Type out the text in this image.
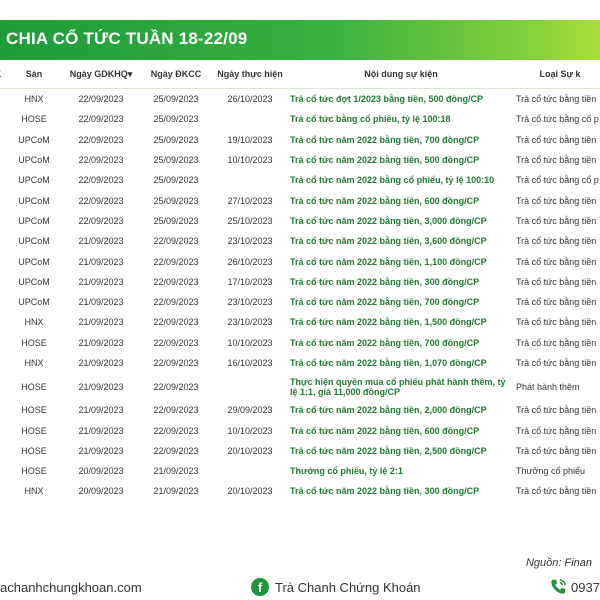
CHIA CỔ TỨC TUẦN 18-22/09
	Sàn	Ngày GDKHQ▾	Ngày ĐKCC	Ngày thực hiện	Nội dung sự kiện	Loại Sự k
	HNX	22/09/2023	25/09/2023	26/10/2023	Trả cổ tức đợt 1/2023 bằng tiền, 500 đồng/CP	Trả cổ tức bằng tiền
	HOSE	22/09/2023	25/09/2023		Trả cổ tức bằng cổ phiếu, tỷ lệ 100:18	Trả cổ tức bằng cổ p
	UPCoM	22/09/2023	25/09/2023	19/10/2023	Trả cổ tức năm 2022 bằng tiền, 700 đồng/CP	Trả cổ tức bằng tiền
	UPCoM	22/09/2023	25/09/2023	10/10/2023	Trả cổ tức năm 2022 bằng tiền, 500 đồng/CP	Trả cổ tức bằng tiền
	UPCoM	22/09/2023	25/09/2023		Trả cổ tức năm 2022 bằng cổ phiếu, tỷ lệ 100:10	Trả cổ tức bằng cổ p
	UPCoM	22/09/2023	25/09/2023	27/10/2023	Trả cổ tức năm 2022 bằng tiền, 600 đồng/CP	Trả cổ tức bằng tiền
	UPCoM	22/09/2023	25/09/2023	25/10/2023	Trả cổ tức năm 2022 bằng tiền, 3,000 đồng/CP	Trả cổ tức bằng tiền
	UPCoM	21/09/2023	22/09/2023	23/10/2023	Trả cổ tức năm 2022 bằng tiền, 3,600 đồng/CP	Trả cổ tức bằng tiền
	UPCoM	21/09/2023	22/09/2023	26/10/2023	Trả cổ tức năm 2022 bằng tiền, 1,100 đồng/CP	Trả cổ tức bằng tiền
	UPCoM	21/09/2023	22/09/2023	17/10/2023	Trả cổ tức năm 2022 bằng tiền, 300 đồng/CP	Trả cổ tức bằng tiền
	UPCoM	21/09/2023	22/09/2023	23/10/2023	Trả cổ tức năm 2022 bằng tiền, 700 đồng/CP	Trả cổ tức bằng tiền
	HNX	21/09/2023	22/09/2023	23/10/2023	Trả cổ tức năm 2022 bằng tiền, 1,500 đồng/CP	Trả cổ tức bằng tiền
	HOSE	21/09/2023	22/09/2023	10/10/2023	Trả cổ tức năm 2022 bằng tiền, 700 đồng/CP	Trả cổ tức bằng tiền
	HNX	21/09/2023	22/09/2023	16/10/2023	Trả cổ tức năm 2022 bằng tiền, 1,070 đồng/CP	Trả cổ tức bằng tiền
	HOSE	21/09/2023	22/09/2023		Thực hiện quyền mua cổ phiếu phát hành thêm, tỷ lệ 1:1, giá 11,000 đồng/CP	Phát hành thêm
	HOSE	21/09/2023	22/09/2023	29/09/2023	Trả cổ tức năm 2022 bằng tiền, 2,000 đồng/CP	Trả cổ tức bằng tiền
	HOSE	21/09/2023	22/09/2023	10/10/2023	Trả cổ tức năm 2022 bằng tiền, 600 đồng/CP	Trả cổ tức bằng tiền
	HOSE	21/09/2023	22/09/2023	20/10/2023	Trả cổ tức năm 2022 bằng tiền, 2,500 đồng/CP	Trả cổ tức bằng tiền
	HOSE	20/09/2023	21/09/2023		Thưởng cổ phiếu, tỷ lệ 2:1	Thưởng cổ phiếu
	HNX	20/09/2023	21/09/2023	20/10/2023	Trả cổ tức năm 2022 bằng tiền, 300 đồng/CP	Trả cổ tức bằng tiền
Nguồn: Finan
achanhchungkhoan.com	f Trà Chanh Chứng Khoán	0937
